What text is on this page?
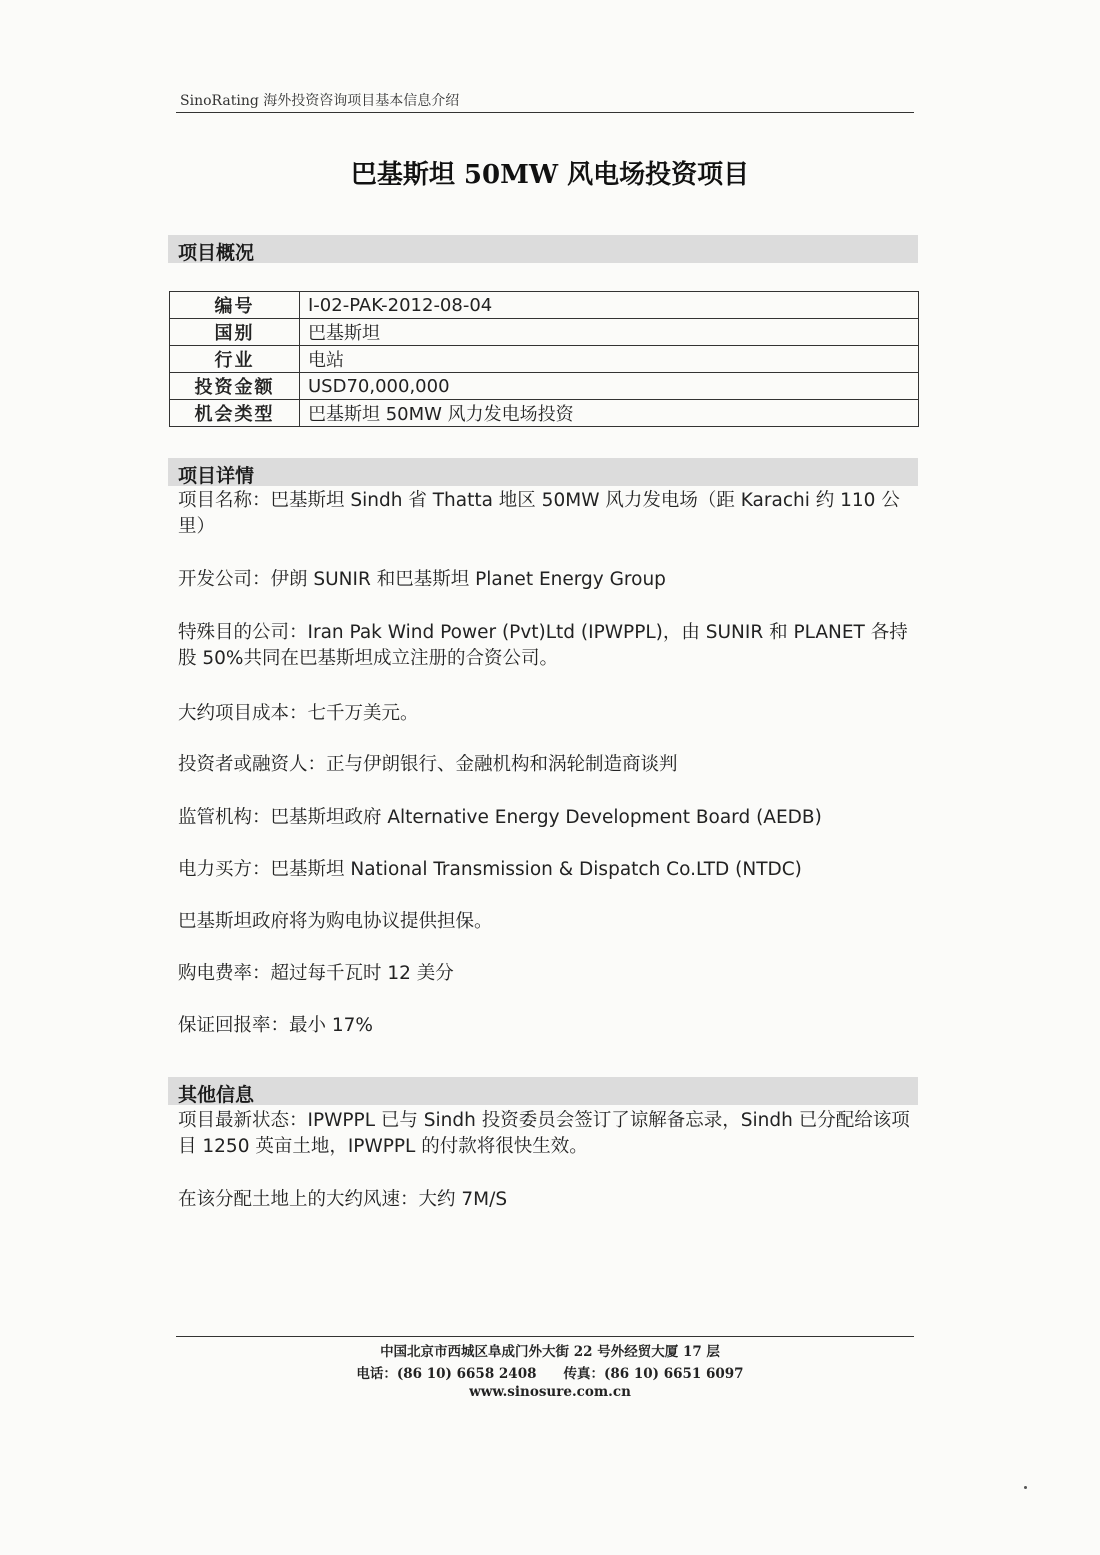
SinoRating 海外投资咨询项目基本信息介绍
巴基斯坦 50MW 风电场投资项目
项目概况
编号	I-02-PAK-2012-08-04
国别	巴基斯坦
行业	电站
投资金额	USD70,000,000
机会类型	巴基斯坦 50MW 风力发电场投资
项目详情
项目名称：巴基斯坦 Sindh 省 Thatta 地区 50MW 风力发电场（距 Karachi 约 110 公里）
开发公司：伊朗 SUNIR 和巴基斯坦 Planet Energy Group
特殊目的公司：Iran Pak Wind Power (Pvt)Ltd (IPWPPL)，由 SUNIR 和 PLANET 各持股 50%共同在巴基斯坦成立注册的合资公司。
大约项目成本：七千万美元。
投资者或融资人：正与伊朗银行、金融机构和涡轮制造商谈判
监管机构：巴基斯坦政府 Alternative Energy Development Board (AEDB)
电力买方：巴基斯坦 National Transmission & Dispatch Co.LTD (NTDC)
巴基斯坦政府将为购电协议提供担保。
购电费率：超过每千瓦时 12 美分
保证回报率：最小 17%
其他信息
项目最新状态：IPWPPL 已与 Sindh 投资委员会签订了谅解备忘录，Sindh 已分配给该项目 1250 英亩土地，IPWPPL 的付款将很快生效。
在该分配土地上的大约风速：大约 7M/S
中国北京市西城区阜成门外大街 22 号外经贸大厦 17 层
电话：(86 10) 6658 2408　　传真：(86 10) 6651 6097
www.sinosure.com.cn
